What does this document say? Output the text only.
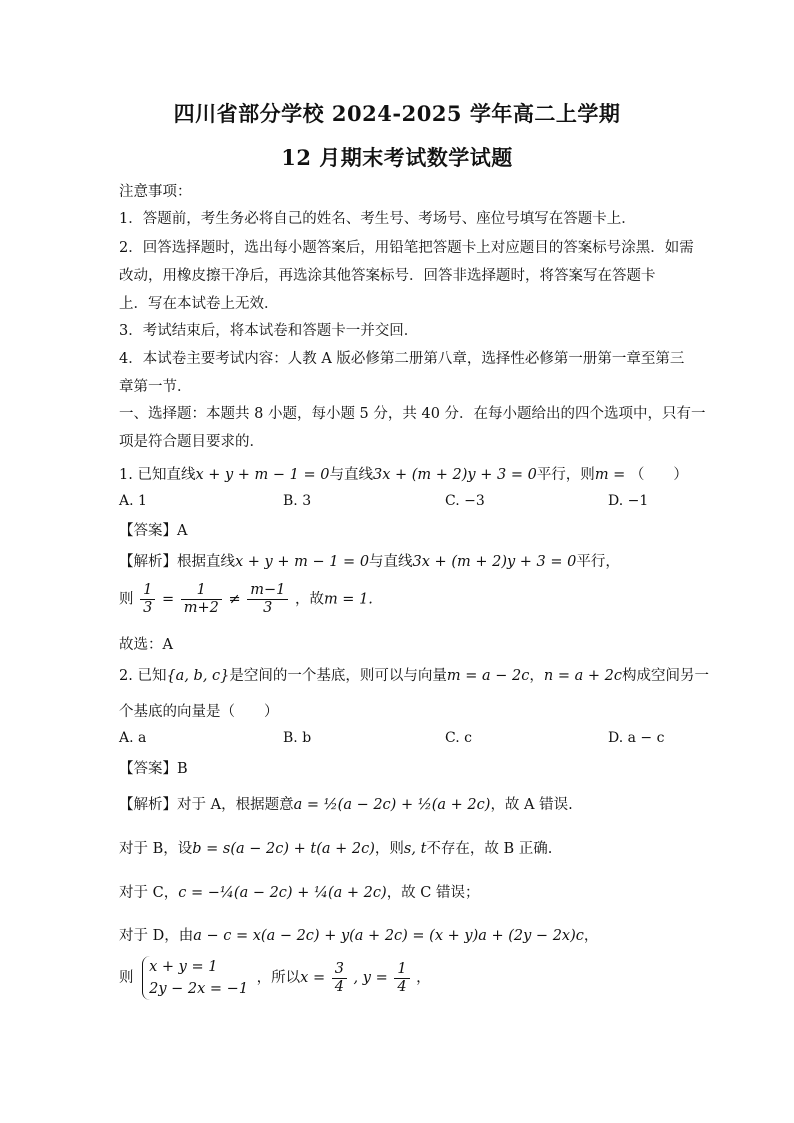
四川省部分学校 2024-2025 学年高二上学期
12 月期末考试数学试题
注意事项：
1．答题前，考生务必将自己的姓名、考生号、考场号、座位号填写在答题卡上．
2．回答选择题时，选出每小题答案后，用铅笔把答题卡上对应题目的答案标号涂黑．如需
改动，用橡皮擦干净后，再选涂其他答案标号．回答非选择题时，将答案写在答题卡
上．写在本试卷上无效．
3．考试结束后，将本试卷和答题卡一并交回．
4．本试卷主要考试内容：人教 A 版必修第二册第八章，选择性必修第一册第一章至第三
章第一节．
一、选择题：本题共 8 小题，每小题 5 分，共 40 分．在每小题给出的四个选项中，只有一
项是符合题目要求的．
1. 已知直线x + y + m − 1 = 0与直线3x + (m + 2)y + 3 = 0平行，则m = （　　）
A. 1	B. 3	C. −3	D. −1
【答案】A
【解析】根据直线x + y + m − 1 = 0与直线3x + (m + 2)y + 3 = 0平行，
则 $\frac{1}{3} = \frac{1}{m+2} \ne \frac{m-1}{3}$ ，故m = 1.
故选：A
2. 已知{a, b, c}是空间的一个基底，则可以与向量m = a − 2c，n = a + 2c构成空间另一
个基底的向量是（　　）
A. a	B. b	C. c	D. a − c
【答案】B
【解析】对于 A，根据题意a = ½(a − 2c) + ½(a + 2c)，故 A 错误.
对于 B，设b = s(a − 2c) + t(a + 2c)，则s, t不存在，故 B 正确.
对于 C，c = −¼(a − 2c) + ¼(a + 2c)，故 C 错误；
对于 D，由a − c = x(a − 2c) + y(a + 2c) = (x + y)a + (2y − 2x)c，
则
x + y = 1
2y − 2x = −1
，所以$x = \frac{3}{4}$ , $y = \frac{1}{4}$ ，
